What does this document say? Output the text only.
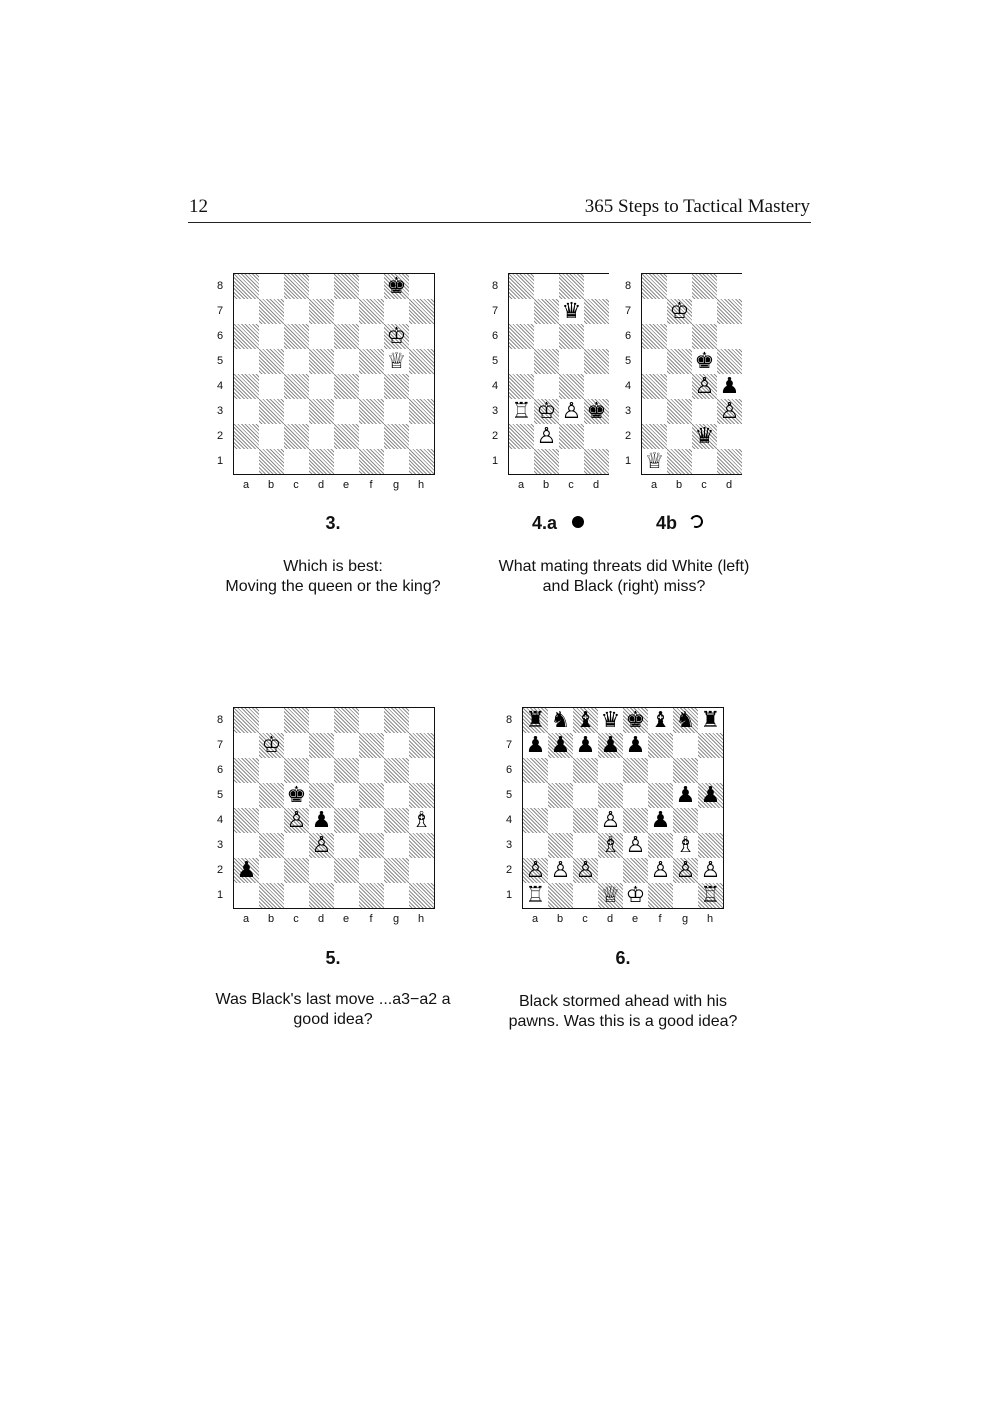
12	365 Steps to Tactical Mastery
♚
♔
♕
8
7
6
5
4
3
2
1
a b c d e	f	g h
♛
♖ ♔ ♙ ♚
♙
8
7
6
5
4
3
2
1
a b c d
♔
♚
♙ ♟
♙
♛
♕
8
7
6
5
4
3
2
1
a b c d
♔
♚
♙ ♟	♗
♙
♟
8
7
6
5
4
3
2
1
a b c d e	f	g h
♜ ♞ ♝ ♛ ♚ ♝ ♞ ♜
♟ ♟ ♟ ♟ ♟
♟ ♟
♙ ♟
♗ ♙ ♗
♙ ♙ ♙	♙ ♙ ♙
♖	♕ ♔	♖
8
7
6
5
4
3
2
1
a b c d e	f	g h
3.	4.a	4b
5.	6.
Which is best:
Moving the queen or the king?
What mating threats did White (left)
and Black (right) miss?
Was Black's last move ...a3−a2 a
good idea?
Black stormed ahead with his
pawns. Was this is a good idea?
